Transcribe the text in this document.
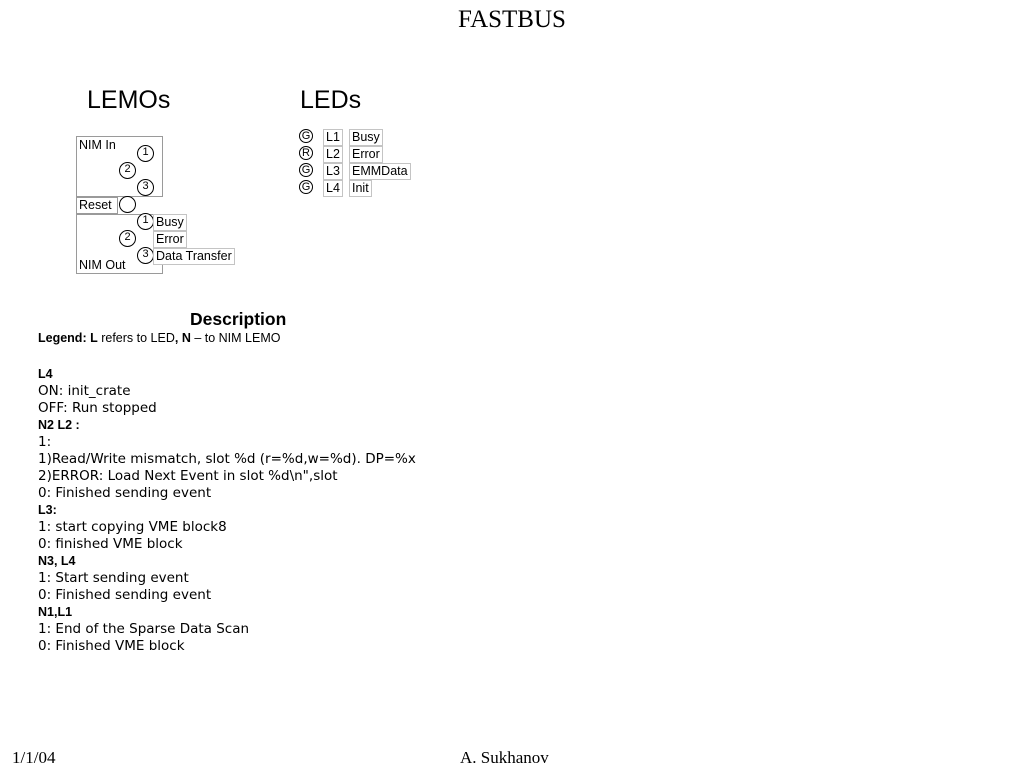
FASTBUS
LEMOs
NIM In	1
2
3
Reset
NIM Out
1
2
3
Busy
Error
Data Transfer
LEDs
G L1 Busy
R L2 Error
G L3 EMMData
G L4 Init
Description
Legend: L refers to LED, N – to NIM LEMO
L4
ON: init_crate
OFF: Run stopped
N2 L2 :
1:
1)Read/Write mismatch, slot %d (r=%d,w=%d). DP=%x
2)ERROR: Load Next Event in slot %d\n",slot
0: Finished sending event
L3:
1: start copying VME block8
0: finished VME block
N3, L4
1: Start sending event
0: Finished sending event
N1,L1
1: End of the Sparse Data Scan
0: Finished VME block
1/1/04	A. Sukhanov
